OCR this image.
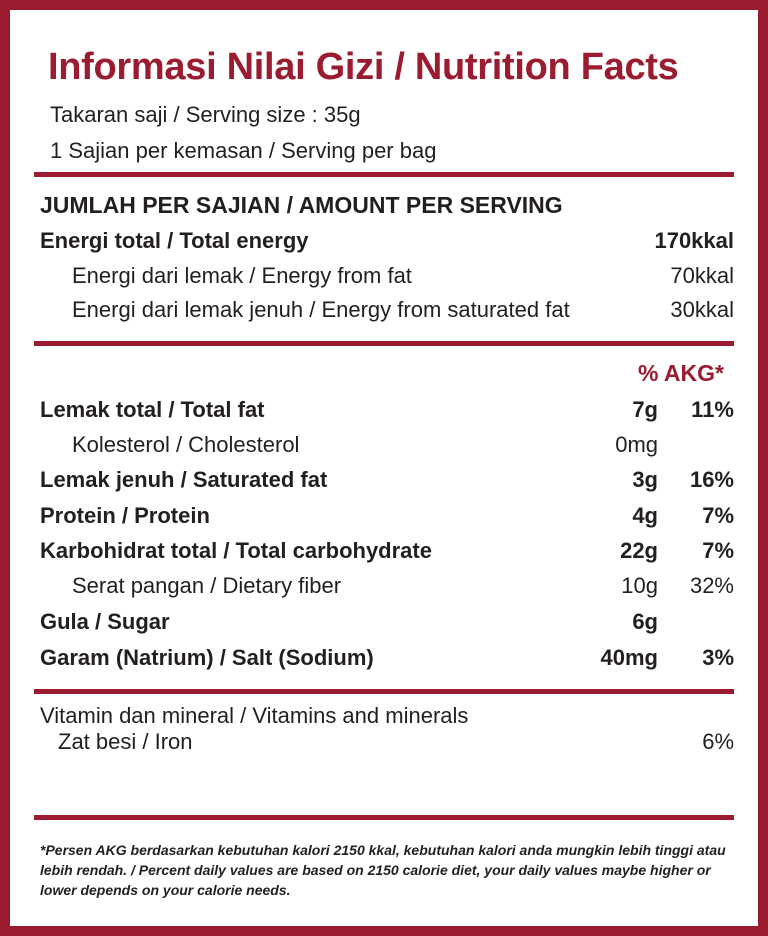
Informasi Nilai Gizi / Nutrition Facts
Takaran saji / Serving size : 35g
1 Sajian per kemasan / Serving per bag
JUMLAH PER SAJIAN / AMOUNT PER SERVING
Energi total / Total energy	170kkal
Energi dari lemak / Energy from fat	70kkal
Energi dari lemak jenuh / Energy from saturated fat	30kkal
% AKG*
Lemak total / Total fat	7g 11%
Kolesterol / Cholesterol	0mg
Lemak jenuh / Saturated fat	3g 16%
Protein / Protein	4g 7%
Karbohidrat total / Total carbohydrate	22g 7%
Serat pangan / Dietary fiber	10g 32%
Gula / Sugar	6g
Garam (Natrium) / Salt (Sodium)	40mg 3%
Vitamin dan mineral / Vitamins and minerals
Zat besi / Iron	6%
*Persen AKG berdasarkan kebutuhan kalori 2150 kkal, kebutuhan kalori anda mungkin lebih tinggi atau lebih rendah. / Percent daily values are based on 2150 calorie diet, your daily values maybe higher or lower depends on your calorie needs.
